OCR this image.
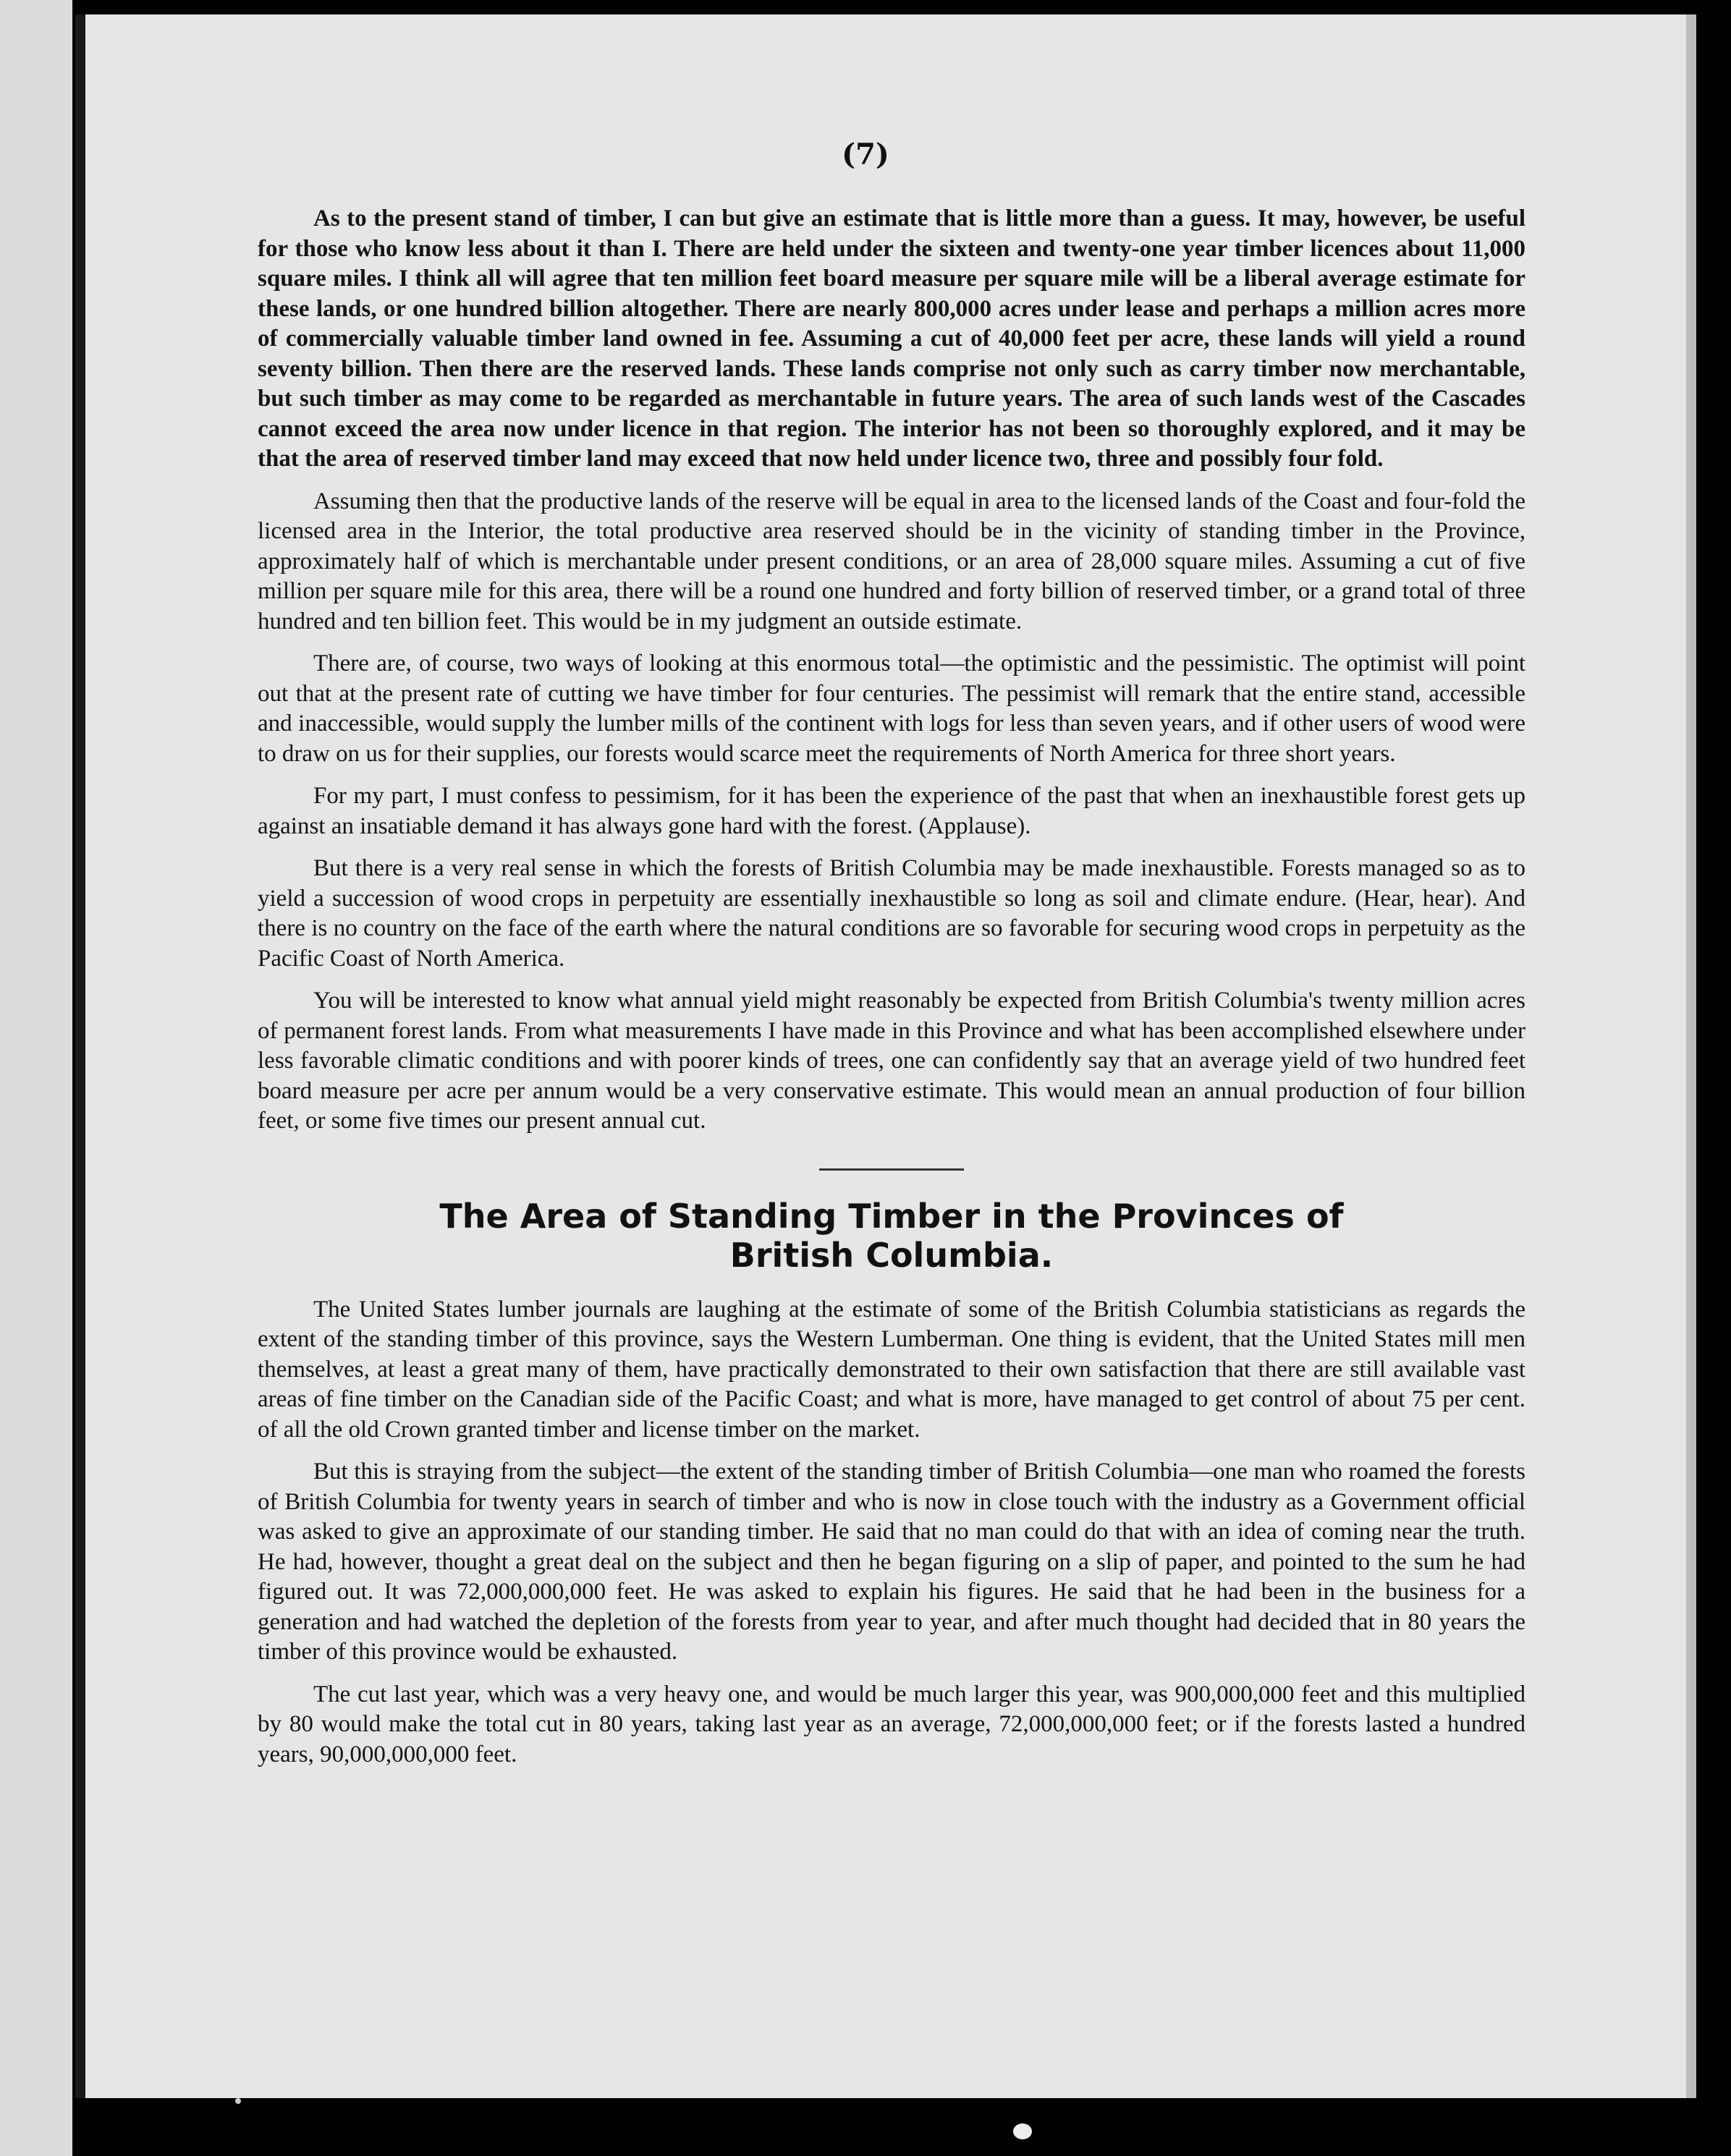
(7)

As to the present stand of timber, I can but give an estimate that is little more than a guess. It may, however, be useful for those who know less about it than I. There are held under the sixteen and twenty-one year timber licences about 11,000 square miles. I think all will agree that ten million feet board measure per square mile will be a liberal average estimate for these lands, or one hundred billion altogether. There are nearly 800,000 acres under lease and perhaps a million acres more of commercially valuable timber land owned in fee. Assuming a cut of 40,000 feet per acre, these lands will yield a round seventy billion. Then there are the reserved lands. These lands comprise not only such as carry timber now merchantable, but such timber as may come to be regarded as merchantable in future years. The area of such lands west of the Cascades cannot exceed the area now under licence in that region. The interior has not been so thoroughly explored, and it may be that the area of reserved timber land may exceed that now held under licence two, three and possibly four fold.

Assuming then that the productive lands of the reserve will be equal in area to the licensed lands of the Coast and four-fold the licensed area in the Interior, the total productive area reserved should be in the vicinity of standing timber in the Province, approximately half of which is merchantable under present conditions, or an area of 28,000 square miles. Assuming a cut of five million per square mile for this area, there will be a round one hundred and forty billion of reserved timber, or a grand total of three hundred and ten billion feet. This would be in my judgment an outside estimate.

There are, of course, two ways of looking at this enormous total—the optimistic and the pessimistic. The optimist will point out that at the present rate of cutting we have timber for four centuries. The pessimist will remark that the entire stand, accessible and inaccessible, would supply the lumber mills of the continent with logs for less than seven years, and if other users of wood were to draw on us for their supplies, our forests would scarce meet the requirements of North America for three short years.

For my part, I must confess to pessimism, for it has been the experience of the past that when an inexhaustible forest gets up against an insatiable demand it has always gone hard with the forest. (Applause).

But there is a very real sense in which the forests of British Columbia may be made inexhaustible. Forests managed so as to yield a succession of wood crops in perpetuity are essentially inexhaustible so long as soil and climate endure. (Hear, hear). And there is no country on the face of the earth where the natural conditions are so favorable for securing wood crops in perpetuity as the Pacific Coast of North America.

You will be interested to know what annual yield might reasonably be expected from British Columbia's twenty million acres of permanent forest lands. From what measurements I have made in this Province and what has been accomplished elsewhere under less favorable climatic conditions and with poorer kinds of trees, one can confidently say that an average yield of two hundred feet board measure per acre per annum would be a very conservative estimate. This would mean an annual production of four billion feet, or some five times our present annual cut.

The Area of Standing Timber in the Provinces of
British Columbia.

The United States lumber journals are laughing at the estimate of some of the British Columbia statisticians as regards the extent of the standing timber of this province, says the Western Lumberman. One thing is evident, that the United States mill men themselves, at least a great many of them, have practically demonstrated to their own satisfaction that there are still available vast areas of fine timber on the Canadian side of the Pacific Coast; and what is more, have managed to get control of about 75 per cent. of all the old Crown granted timber and license timber on the market.

But this is straying from the subject—the extent of the standing timber of British Columbia—one man who roamed the forests of British Columbia for twenty years in search of timber and who is now in close touch with the industry as a Government official was asked to give an approximate of our standing timber. He said that no man could do that with an idea of coming near the truth. He had, however, thought a great deal on the subject and then he began figuring on a slip of paper, and pointed to the sum he had figured out. It was 72,000,000,000 feet. He was asked to explain his figures. He said that he had been in the business for a generation and had watched the depletion of the forests from year to year, and after much thought had decided that in 80 years the timber of this province would be exhausted.

The cut last year, which was a very heavy one, and would be much larger this year, was 900,000,000 feet and this multiplied by 80 would make the total cut in 80 years, taking last year as an average, 72,000,000,000 feet; or if the forests lasted a hundred years, 90,000,000,000 feet.
